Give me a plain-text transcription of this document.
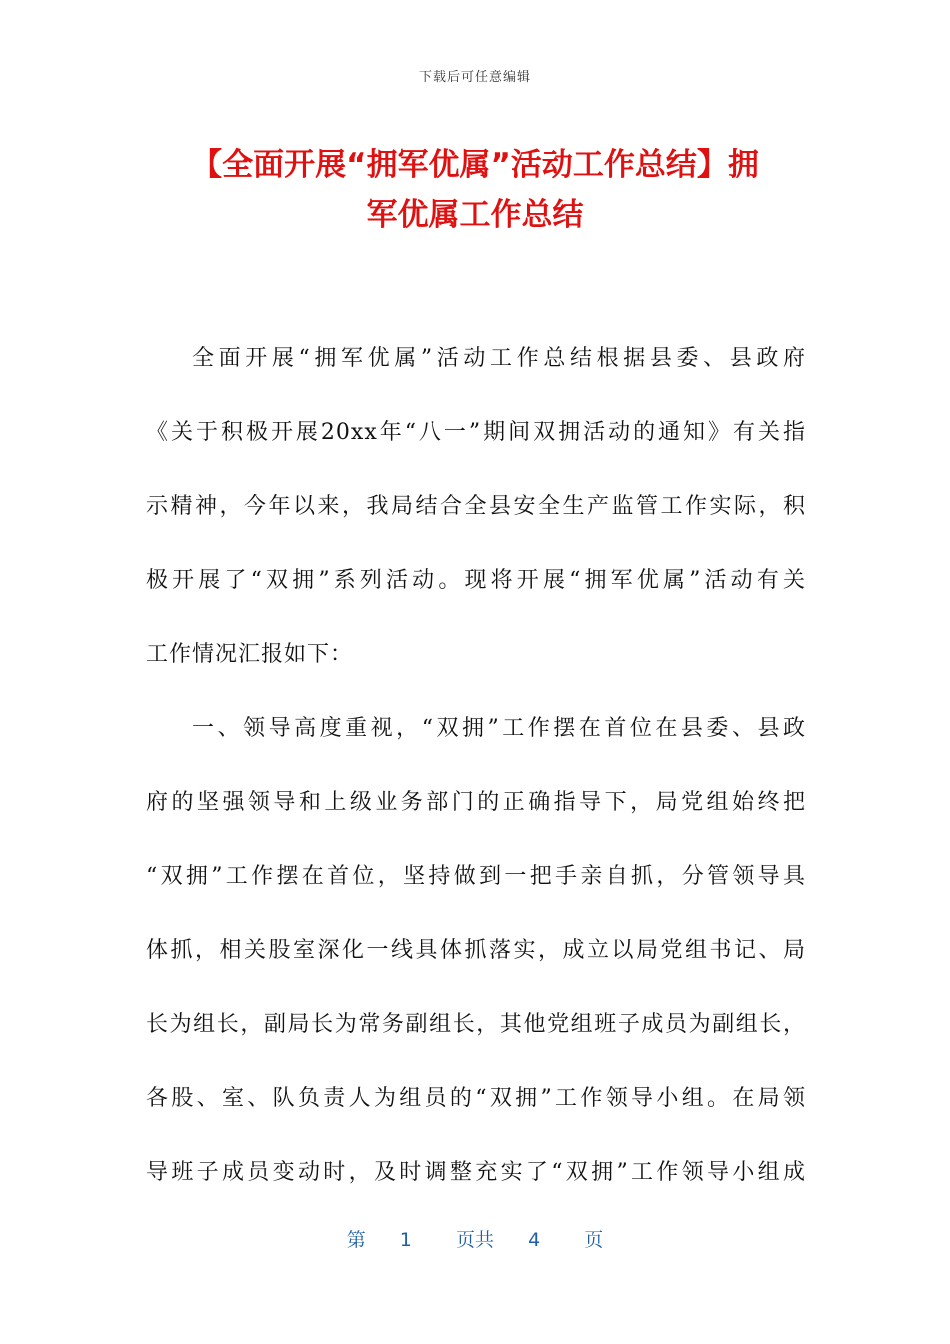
下载后可任意编辑
【全面开展“拥军优属”活动工作总结】拥
军优属工作总结
全面开展“拥军优属”活动工作总结根据县委、县政府
《关于积极开展20xx年“八一”期间双拥活动的通知》有关指
示精神，今年以来，我局结合全县安全生产监管工作实际，积
极开展了“双拥”系列活动。现将开展“拥军优属”活动有关
工作情况汇报如下：
一、领导高度重视，“双拥”工作摆在首位在县委、县政
府的坚强领导和上级业务部门的正确指导下，局党组始终把
“双拥”工作摆在首位，坚持做到一把手亲自抓，分管领导具
体抓，相关股室深化一线具体抓落实，成立以局党组书记、局
长为组长，副局长为常务副组长，其他党组班子成员为副组长，
各股、室、队负责人为组员的“双拥”工作领导小组。在局领
导班子成员变动时，及时调整充实了“双拥”工作领导小组成
第 1 页共 4 页
